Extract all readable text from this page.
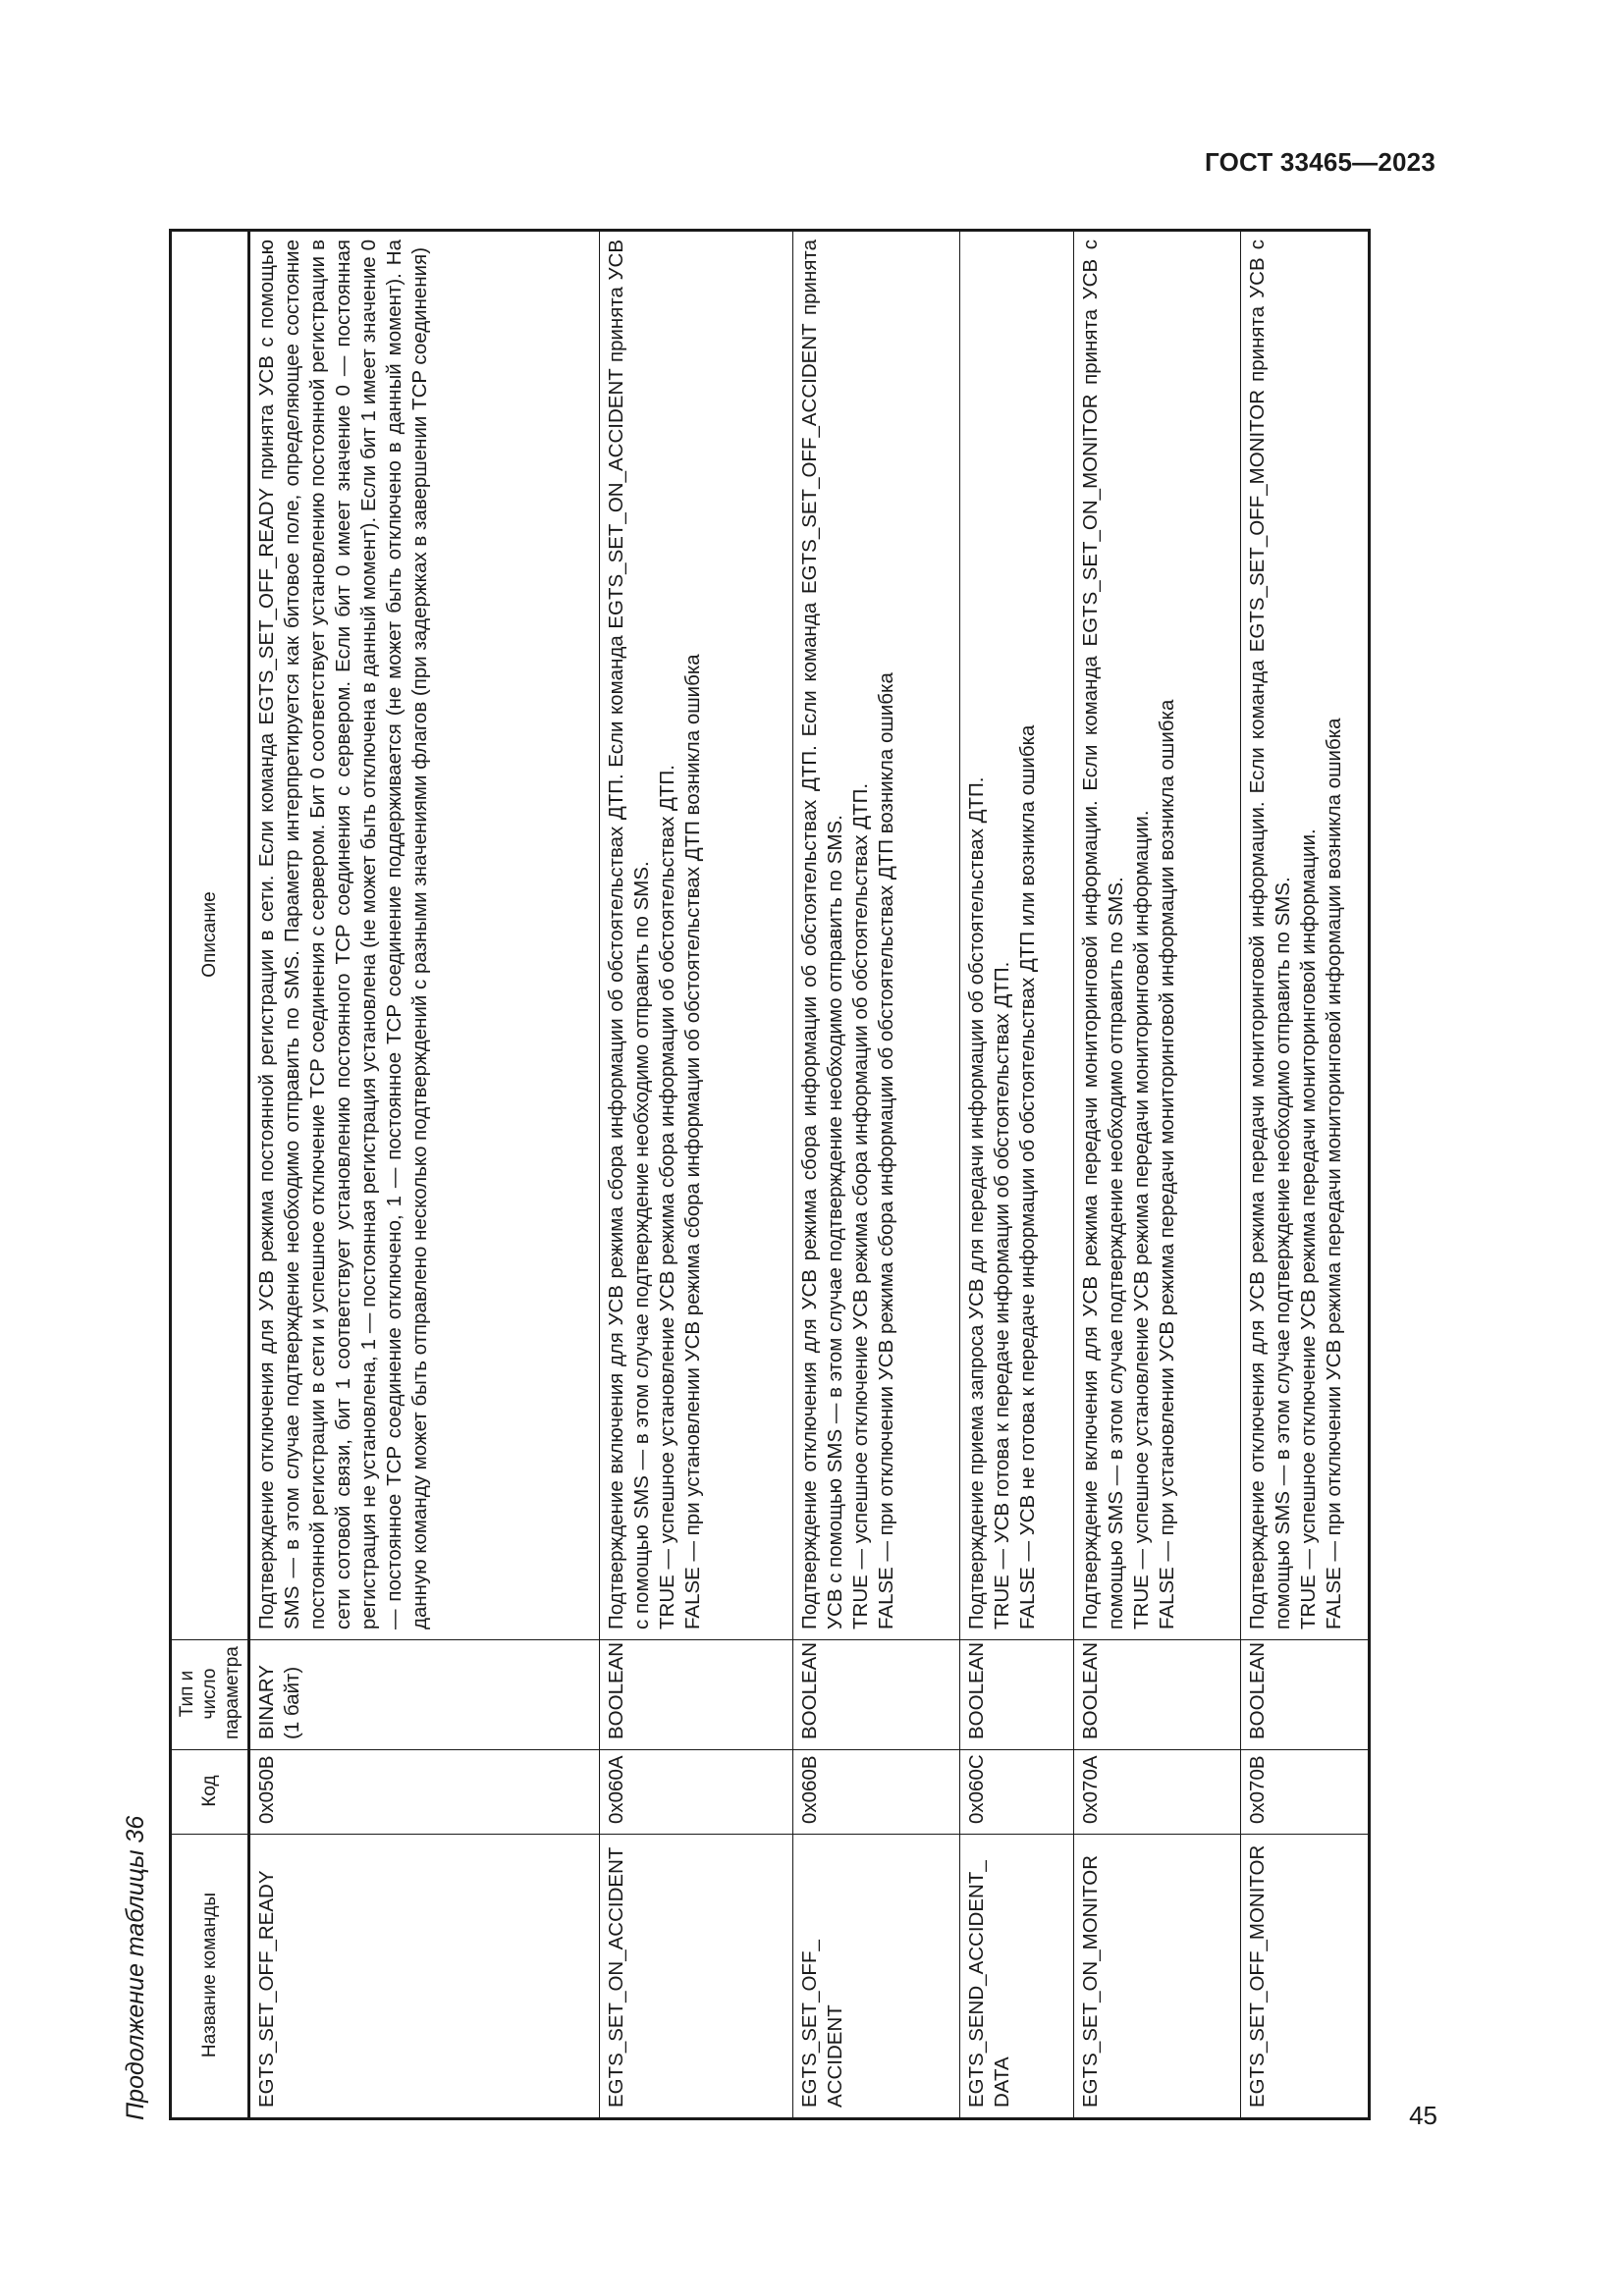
ГОСТ 33465—2023
Продолжение таблицы 36	Название команды	Код	Тип и число параметра	Описание
EGTS_SET_OFF_READY	0x050B	BINARY (1 байт)	Подтверждение отключения для УСВ режима постоянной регистрации в сети. Если команда EGTS_SET_OFF_READY принята УСВ с помощью SMS — в этом случае подтверждение необходимо отправить по SMS. Параметр интерпретируется как битовое поле, определяющее состояние постоянной регистрации в сети и успешное отключение TCP соединения с сервером. Бит 0 соответствует установлению постоянной регистрации в сети сотовой связи, бит 1 соответствует установлению постоянного TCP соединения с сервером. Если бит 0 имеет значение 0 — постоянная регистрация не установлена, 1 — постоянная регистрация установлена (не может быть отключена в данный момент). Если бит 1 имеет значение 0 — постоянное TCP соединение отключено, 1 — постоянное TCP соединение поддерживается (не может быть отключено в данный момент). На данную команду может быть отправлено несколько подтверждений с разными значениями флагов (при задержках в завершении TCP соединения)

EGTS_SET_ON_ACCIDENT	0x060A	BOOLEAN	Подтверждение включения для УСВ режима сбора информации об обстоятельствах ДТП. Если команда EGTS_SET_ON_ACCIDENT принята УСВ с помощью SMS — в этом случае подтверждение необходимо отправить по SMS. TRUE — успешное установление УСВ режима сбора информации об обстоятельствах ДТП. FALSE — при установлении УСВ режима сбора информации об обстоятельствах ДТП возникла ошибка

EGTS_SET_OFF_ ACCIDENT	0x060B	BOOLEAN	Подтверждение отключения для УСВ режима сбора информации об обстоятельствах ДТП. Если команда EGTS_SET_OFF_ACCIDENT принята УСВ с помощью SMS — в этом случае подтверждение необходимо отправить по SMS. TRUE — успешное отключение УСВ режима сбора информации об обстоятельствах ДТП. FALSE — при отключении УСВ режима сбора информации об обстоятельствах ДТП возникла ошибка

EGTS_SEND_ACCIDENT_ DATA	0x060C	BOOLEAN	Подтверждение приема запроса УСВ для передачи информации об обстоятельствах ДТП. TRUE — УСВ готова к передаче информации об обстоятельствах ДТП. FALSE — УСВ не готова к передаче информации об обстоятельствах ДТП или возникла ошибка

EGTS_SET_ON_MONITOR	0x070A	BOOLEAN	Подтверждение включения для УСВ режима передачи мониторинговой информации. Если команда EGTS_SET_ON_MONITOR принята УСВ с помощью SMS — в этом случае подтверждение необходимо отправить по SMS. TRUE — успешное установление УСВ режима передачи мониторинговой информации. FALSE — при установлении УСВ режима передачи мониторинговой информации возникла ошибка

EGTS_SET_OFF_MONITOR	0x070B	BOOLEAN	Подтверждение отключения для УСВ режима передачи мониторинговой информации. Если команда EGTS_SET_OFF_MONITOR принята УСВ с помощью SMS — в этом случае подтверждение необходимо отправить по SMS. TRUE — успешное отключение УСВ режима передачи мониторинговой информации. FALSE — при отключении УСВ режима передачи мониторинговой информации возникла ошибка

45
